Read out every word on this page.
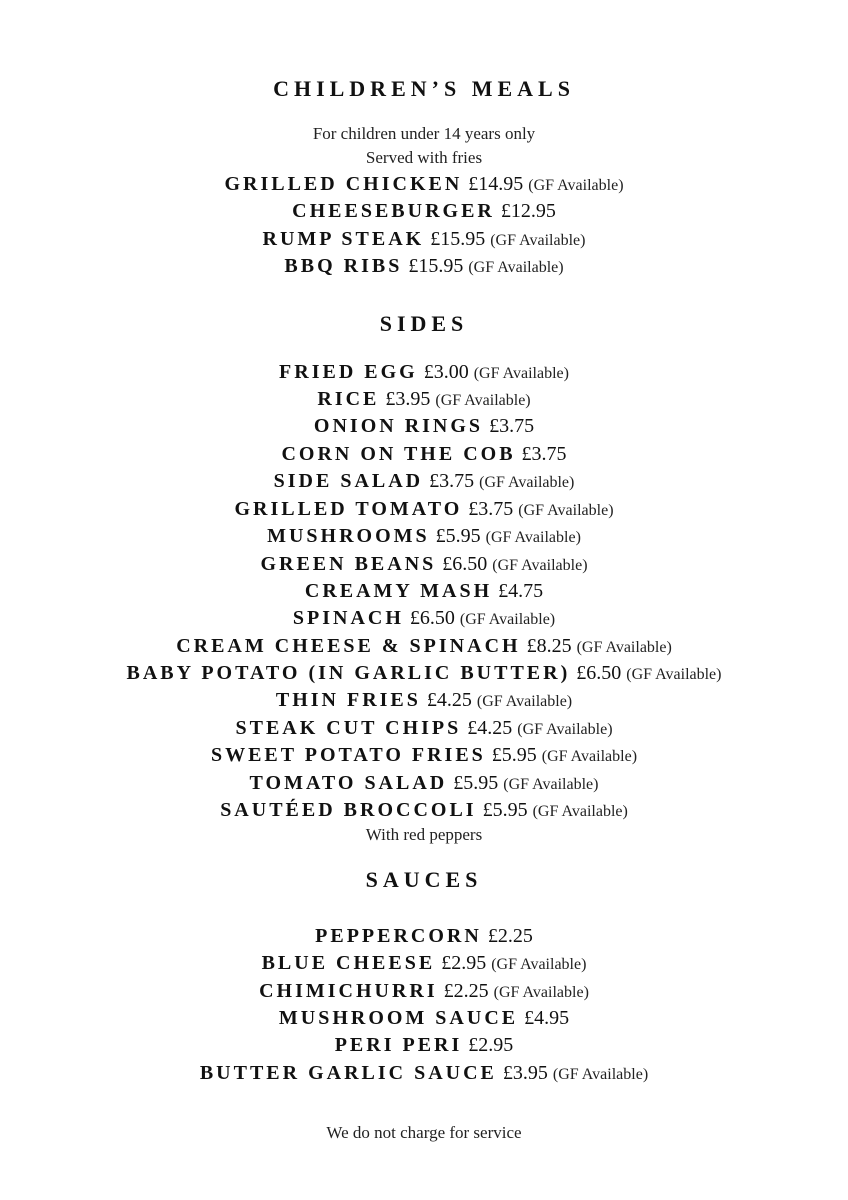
CHILDREN’S MEALS
For children under 14 years only
Served with fries
GRILLED CHICKEN £14.95 (GF Available)
CHEESEBURGER £12.95
RUMP STEAK £15.95 (GF Available)
BBQ RIBS £15.95 (GF Available)
SIDES
FRIED EGG £3.00 (GF Available)
RICE £3.95 (GF Available)
ONION RINGS £3.75
CORN ON THE COB £3.75
SIDE SALAD £3.75 (GF Available)
GRILLED TOMATO £3.75 (GF Available)
MUSHROOMS £5.95 (GF Available)
GREEN BEANS £6.50 (GF Available)
CREAMY MASH £4.75
SPINACH £6.50 (GF Available)
CREAM CHEESE & SPINACH £8.25 (GF Available)
BABY POTATO (IN GARLIC BUTTER) £6.50 (GF Available)
THIN FRIES £4.25 (GF Available)
STEAK CUT CHIPS £4.25 (GF Available)
SWEET POTATO FRIES £5.95 (GF Available)
TOMATO SALAD £5.95 (GF Available)
SAUTÉED BROCCOLI £5.95 (GF Available)
With red peppers
SAUCES
PEPPERCORN £2.25
BLUE CHEESE £2.95 (GF Available)
CHIMICHURRI £2.25 (GF Available)
MUSHROOM SAUCE £4.95
PERI PERI £2.95
BUTTER GARLIC SAUCE £3.95 (GF Available)
We do not charge for service
